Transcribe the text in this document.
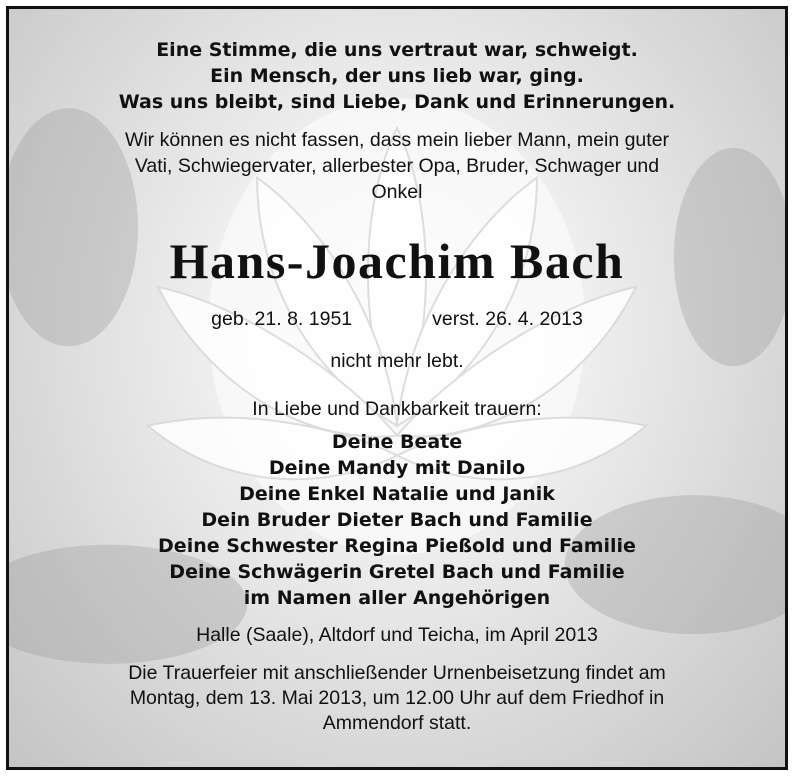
Eine Stimme, die uns vertraut war, schweigt.
Ein Mensch, der uns lieb war, ging.
Was uns bleibt, sind Liebe, Dank und Erinnerungen.
Wir können es nicht fassen, dass mein lieber Mann, mein guter
Vati, Schwiegervater, allerbester Opa, Bruder, Schwager und
Onkel
Hans-Joachim Bach
geb. 21. 8. 1951	verst. 26. 4. 2013
nicht mehr lebt.
In Liebe und Dankbarkeit trauern:
Deine Beate
Deine Mandy mit Danilo
Deine Enkel Natalie und Janik
Dein Bruder Dieter Bach und Familie
Deine Schwester Regina Pießold und Familie
Deine Schwägerin Gretel Bach und Familie
im Namen aller Angehörigen
Halle (Saale), Altdorf und Teicha, im April 2013
Die Trauerfeier mit anschließender Urnenbeisetzung findet am
Montag, dem 13. Mai 2013, um 12.00 Uhr auf dem Friedhof in
Ammendorf statt.
